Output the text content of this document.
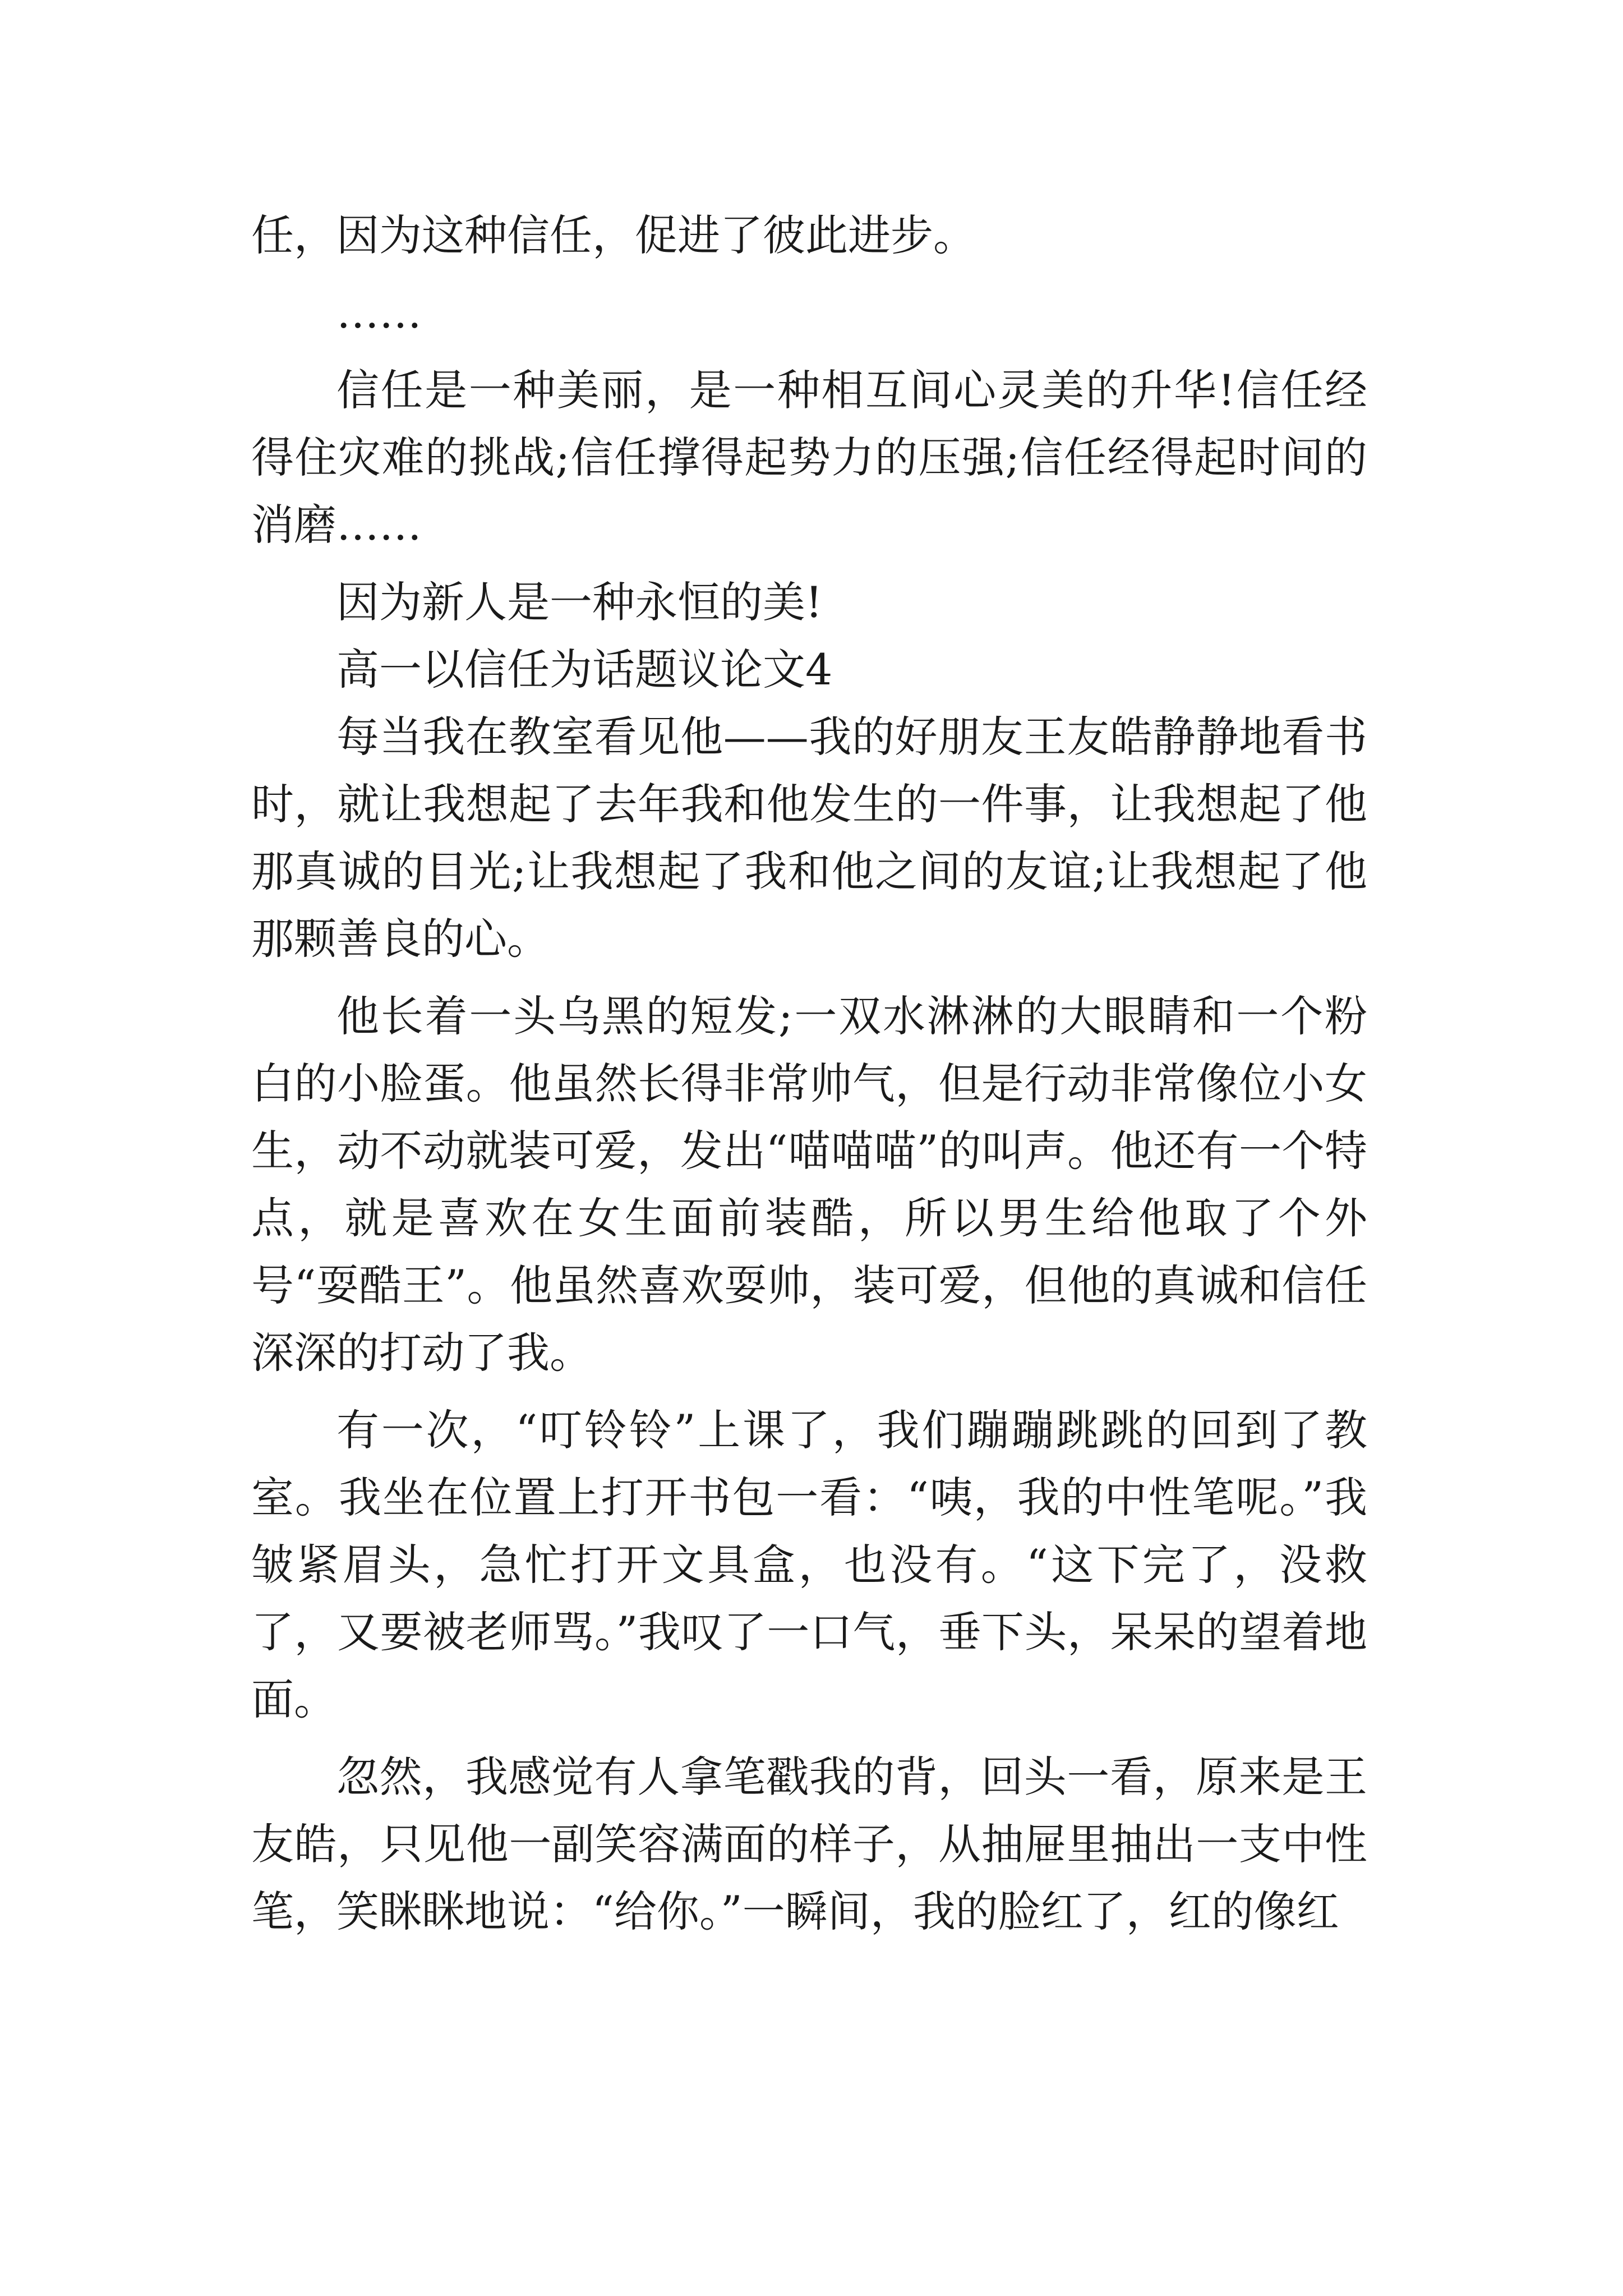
任，因为这种信任，促进了彼此进步。

……

信任是一种美丽，是一种相互间心灵美的升华!信任经得住灾难的挑战;信任撑得起势力的压强;信任经得起时间的消磨……

因为新人是一种永恒的美!

高一以信任为话题议论文4

每当我在教室看见他——我的好朋友王友皓静静地看书时，就让我想起了去年我和他发生的一件事，让我想起了他那真诚的目光;让我想起了我和他之间的友谊;让我想起了他那颗善良的心。

他长着一头乌黑的短发;一双水淋淋的大眼睛和一个粉白的小脸蛋。他虽然长得非常帅气，但是行动非常像位小女生，动不动就装可爱，发出“喵喵喵”的叫声。他还有一个特点，就是喜欢在女生面前装酷，所以男生给他取了个外号“耍酷王”。他虽然喜欢耍帅，装可爱，但他的真诚和信任深深的打动了我。

有一次，“叮铃铃”上课了，我们蹦蹦跳跳的回到了教室。我坐在位置上打开书包一看：“咦，我的中性笔呢。”我皱紧眉头，急忙打开文具盒，也没有。“这下完了，没救了，又要被老师骂。”我叹了一口气，垂下头，呆呆的望着地面。

忽然，我感觉有人拿笔戳我的背，回头一看，原来是王友皓，只见他一副笑容满面的样子，从抽屉里抽出一支中性笔，笑眯眯地说：“给你。”一瞬间，我的脸红了，红的像红
